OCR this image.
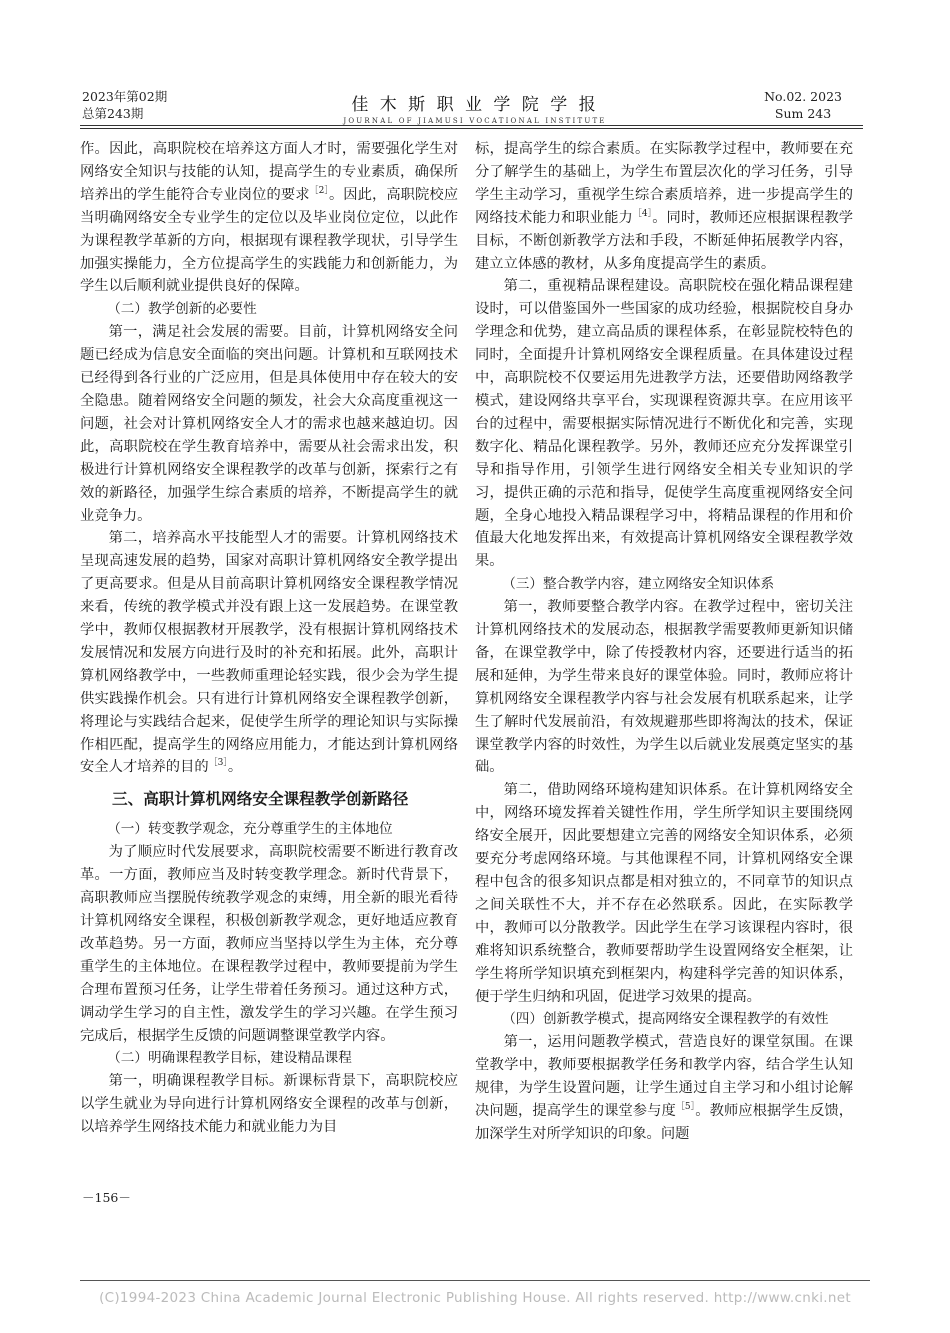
2023年第02期
总第243期	佳 木 斯 职 业 学 院 学 报
JOURNAL OF JIAMUSI VOCATIONAL INSTITUTE
No.02. 2023
Sum 243

作。因此，高职院校在培养这方面人才时，需要强化学生对网络安全知识与技能的认知，提高学生的专业素质，确保所培养出的学生能符合专业岗位的要求$^{[2]}$。因此，高职院校应当明确网络安全专业学生的定位以及毕业岗位定位，以此作为课程教学革新的方向，根据现有课程教学现状，引导学生加强实操能力，全方位提高学生的实践能力和创新能力，为学生以后顺利就业提供良好的保障。

（二）教学创新的必要性

第一，满足社会发展的需要。目前，计算机网络安全问题已经成为信息安全面临的突出问题。计算机和互联网技术已经得到各行业的广泛应用，但是具体使用中存在较大的安全隐患。随着网络安全问题的频发，社会大众高度重视这一问题，社会对计算机网络安全人才的需求也越来越迫切。因此，高职院校在学生教育培养中，需要从社会需求出发，积极进行计算机网络安全课程教学的改革与创新，探索行之有效的新路径，加强学生综合素质的培养，不断提高学生的就业竞争力。

第二，培养高水平技能型人才的需要。计算机网络技术呈现高速发展的趋势，国家对高职计算机网络安全教学提出了更高要求。但是从目前高职计算机网络安全课程教学情况来看，传统的教学模式并没有跟上这一发展趋势。在课堂教学中，教师仅根据教材开展教学，没有根据计算机网络技术发展情况和发展方向进行及时的补充和拓展。此外，高职计算机网络教学中，一些教师重理论轻实践，很少会为学生提供实践操作机会。只有进行计算机网络安全课程教学创新，将理论与实践结合起来，促使学生所学的理论知识与实际操作相匹配，提高学生的网络应用能力，才能达到计算机网络安全人才培养的目的$^{[3]}$。

三、高职计算机网络安全课程教学创新路径

（一）转变教学观念，充分尊重学生的主体地位

为了顺应时代发展要求，高职院校需要不断进行教育改革。一方面，教师应当及时转变教学理念。新时代背景下，高职教师应当摆脱传统教学观念的束缚，用全新的眼光看待计算机网络安全课程，积极创新教学观念，更好地适应教育改革趋势。另一方面，教师应当坚持以学生为主体，充分尊重学生的主体地位。在课程教学过程中，教师要提前为学生合理布置预习任务，让学生带着任务预习。通过这种方式，调动学生学习的自主性，激发学生的学习兴趣。在学生预习完成后，根据学生反馈的问题调整课堂教学内容。

（二）明确课程教学目标，建设精品课程

第一，明确课程教学目标。新课标背景下，高职院校应以学生就业为导向进行计算机网络安全课程的改革与创新，以培养学生网络技术能力和就业能力为目

标，提高学生的综合素质。在实际教学过程中，教师要在充分了解学生的基础上，为学生布置层次化的学习任务，引导学生主动学习，重视学生综合素质培养，进一步提高学生的网络技术能力和职业能力$^{[4]}$。同时，教师还应根据课程教学目标，不断创新教学方法和手段，不断延伸拓展教学内容，建立立体感的教材，从多角度提高学生的素质。

第二，重视精品课程建设。高职院校在强化精品课程建设时，可以借鉴国外一些国家的成功经验，根据院校自身办学理念和优势，建立高品质的课程体系，在彰显院校特色的同时，全面提升计算机网络安全课程质量。在具体建设过程中，高职院校不仅要运用先进教学方法，还要借助网络教学模式，建设网络共享平台，实现课程资源共享。在应用该平台的过程中，需要根据实际情况进行不断优化和完善，实现数字化、精品化课程教学。另外，教师还应充分发挥课堂引导和指导作用，引领学生进行网络安全相关专业知识的学习，提供正确的示范和指导，促使学生高度重视网络安全问题，全身心地投入精品课程学习中，将精品课程的作用和价值最大化地发挥出来，有效提高计算机网络安全课程教学效果。

（三）整合教学内容，建立网络安全知识体系

第一，教师要整合教学内容。在教学过程中，密切关注计算机网络技术的发展动态，根据教学需要教师更新知识储备，在课堂教学中，除了传授教材内容，还要进行适当的拓展和延伸，为学生带来良好的课堂体验。同时，教师应将计算机网络安全课程教学内容与社会发展有机联系起来，让学生了解时代发展前沿，有效规避那些即将淘汰的技术，保证课堂教学内容的时效性，为学生以后就业发展奠定坚实的基础。

第二，借助网络环境构建知识体系。在计算机网络安全中，网络环境发挥着关键性作用，学生所学知识主要围绕网络安全展开，因此要想建立完善的网络安全知识体系，必须要充分考虑网络环境。与其他课程不同，计算机网络安全课程中包含的很多知识点都是相对独立的，不同章节的知识点之间关联性不大，并不存在必然联系。因此，在实际教学中，教师可以分散教学。因此学生在学习该课程内容时，很难将知识系统整合，教师要帮助学生设置网络安全框架，让学生将所学知识填充到框架内，构建科学完善的知识体系，便于学生归纳和巩固，促进学习效果的提高。

（四）创新教学模式，提高网络安全课程教学的有效性

第一，运用问题教学模式，营造良好的课堂氛围。在课堂教学中，教师要根据教学任务和教学内容，结合学生认知规律，为学生设置问题，让学生通过自主学习和小组讨论解决问题，提高学生的课堂参与度$^{[5]}$。教师应根据学生反馈，加深学生对所学知识的印象。问题

－156－
(C)1994-2023 China Academic Journal Electronic Publishing House. All rights reserved. http://www.cnki.net
